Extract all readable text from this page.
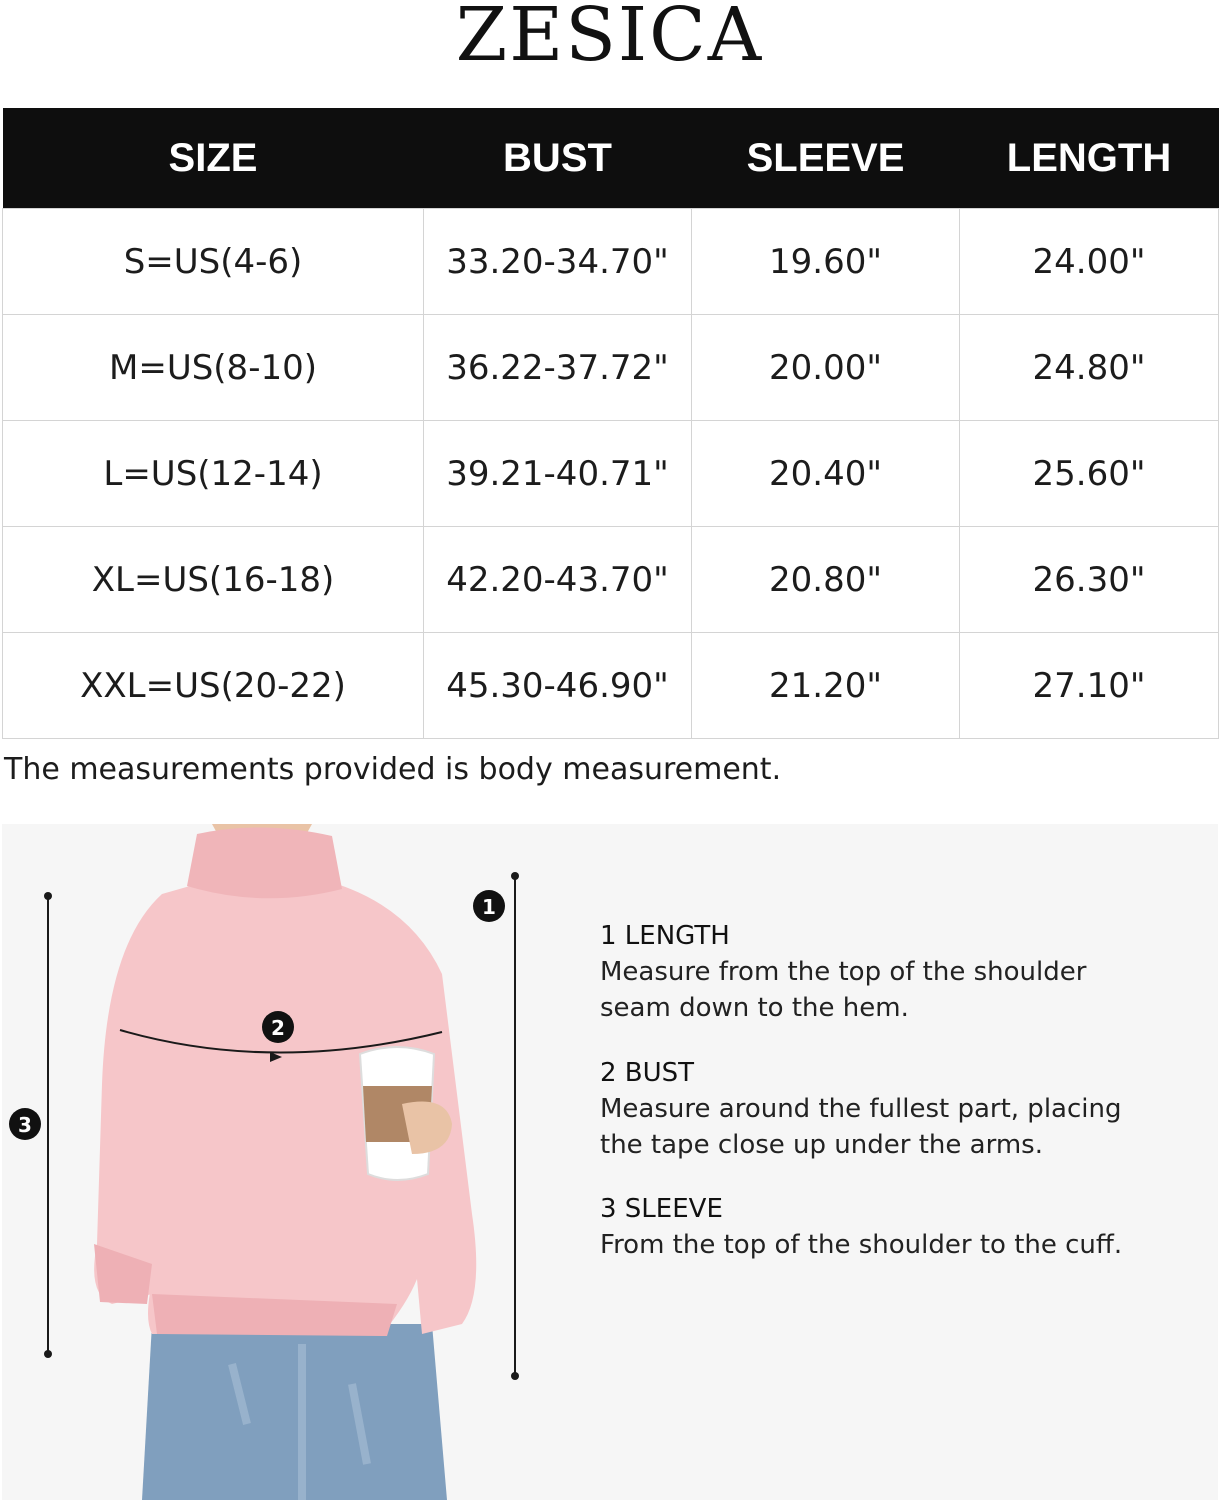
ZESICA
SIZE	BUST	SLEEVE	LENGTH
S=US(4-6)	33.20-34.70"	19.60"	24.00"
M=US(8-10)	36.22-37.72"	20.00"	24.80"
L=US(12-14)	39.21-40.71"	20.40"	25.60"
XL=US(16-18)	42.20-43.70"	20.80"	26.30"
XXL=US(20-22)	45.30-46.90"	21.20"	27.10"
The measurements provided is body measurement.
1
2
3
1 LENGTH
Measure from the top of the shoulder
seam down to the hem.
2 BUST
Measure around the fullest part, placing
the tape close up under the arms.
3 SLEEVE
From the top of the shoulder to the cuff.
